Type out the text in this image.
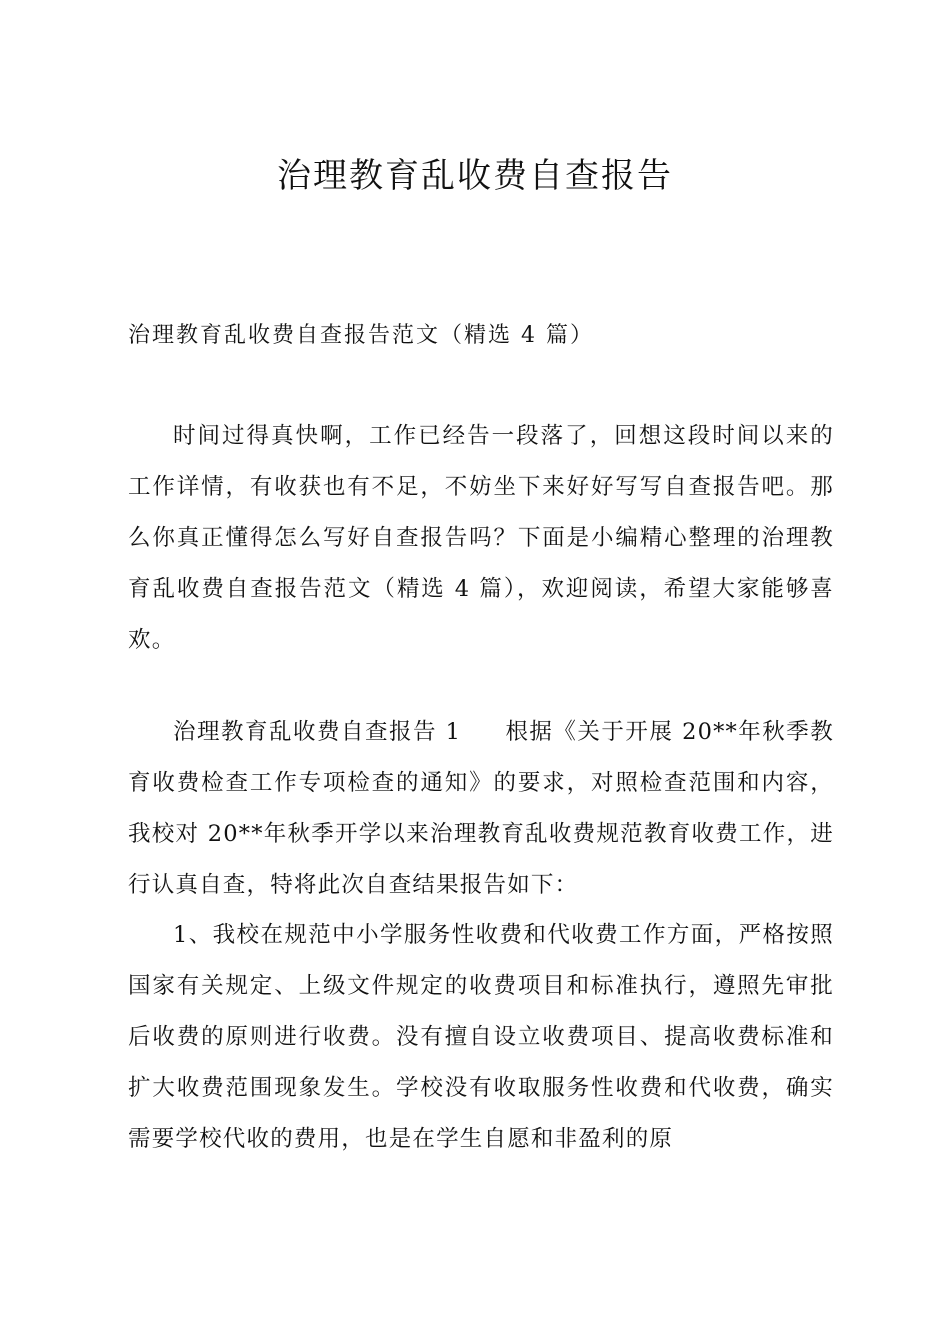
治理教育乱收费自查报告

治理教育乱收费自查报告范文（精选 4 篇）

时间过得真快啊，工作已经告一段落了，回想这段时间以来的工作详情，有收获也有不足，不妨坐下来好好写写自查报告吧。那么你真正懂得怎么写好自查报告吗？下面是小编精心整理的治理教育乱收费自查报告范文（精选 4 篇），欢迎阅读，希望大家能够喜欢。

治理教育乱收费自查报告 1 根据《关于开展 20**年秋季教育收费检查工作专项检查的通知》的要求，对照检查范围和内容，我校对 20**年秋季开学以来治理教育乱收费规范教育收费工作，进行认真自查，特将此次自查结果报告如下：

1、我校在规范中小学服务性收费和代收费工作方面，严格按照国家有关规定、上级文件规定的收费项目和标准执行，遵照先审批后收费的原则进行收费。没有擅自设立收费项目、提高收费标准和扩大收费范围现象发生。学校没有收取服务性收费和代收费，确实需要学校代收的费用，也是在学生自愿和非盈利的原
